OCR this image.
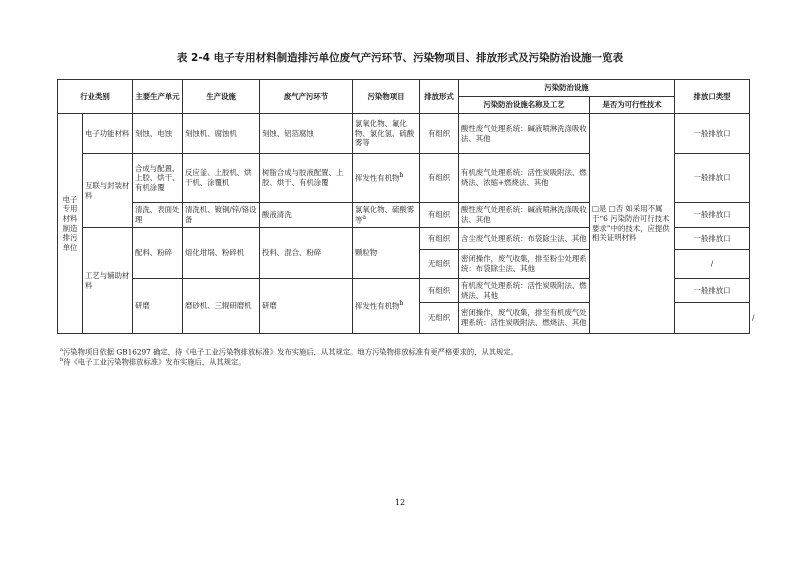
表 2-4 电子专用材料制造排污单位废气产污环节、污染物项目、排放形式及污染防治设施一览表
行业类别		主要生产单元	生产设施	废气产污环节	污染物项目	排放形式	污染防治设施		排放口类型	
							污染防治设施名称及工艺	是否为可行性技术		
电子专用材料制造排污单位	电子功能材料	刻蚀、电蚀	刻蚀机、腐蚀机	刻蚀、铝箔腐蚀	氯氧化物、氟化物、氯化氢、硫酸雾等	有组织	酸性废气处理系统：碱液喷淋洗涤吸收法、其他	□是 □否 如采用不属于“6 污染防治可行技术要求”中的技术，应提供相关证明材料	一般排放口	
	互联与封装材料	合成与配置、上胶、烘干、有机涂覆	反应釜、上胶机、烘干机、涂覆机	树脂合成与胶液配置、上胶、烘干、有机涂覆	挥发性有机物$^b$	有组织	有机废气处理系统：活性炭吸附法、燃烧法、浓缩+燃烧法、其他		一般排放口	
		清洗、表面处理	清洗机、镀铜/锌/铬设备	酸液清洗	氯氧化物、硫酸雾等$^a$	有组织	酸性废气处理系统：碱液喷淋洗涤吸收法、其他		一般排放口	
	工艺与辅助材料	配料、粉碎	熔化坩埚、粉碎机	投料、混合、粉碎	颗粒物	有组织	含尘废气处理系统：布袋除尘法、其他		一般排放口	
						无组织	密闭操作，废气收集，排至粉尘处理系统：布袋除尘法、其他		/	
		研磨	磨砂机、三辊研磨机	研磨	挥发性有机物$^b$	有组织	有机废气处理系统：活性炭吸附法、燃烧法、其他		一般排放口	
						无组织	密闭操作，废气收集，排至有机废气处理系统：活性炭吸附法、燃烧法、其他			/
$^a$污染物项目依据 GB16297 确定，待《电子工业污染物排放标准》发布实施后，从其规定。地方污染物排放标准有更严格要求的，从其规定。
$^b$待《电子工业污染物排放标准》发布实施后，从其规定。
12
